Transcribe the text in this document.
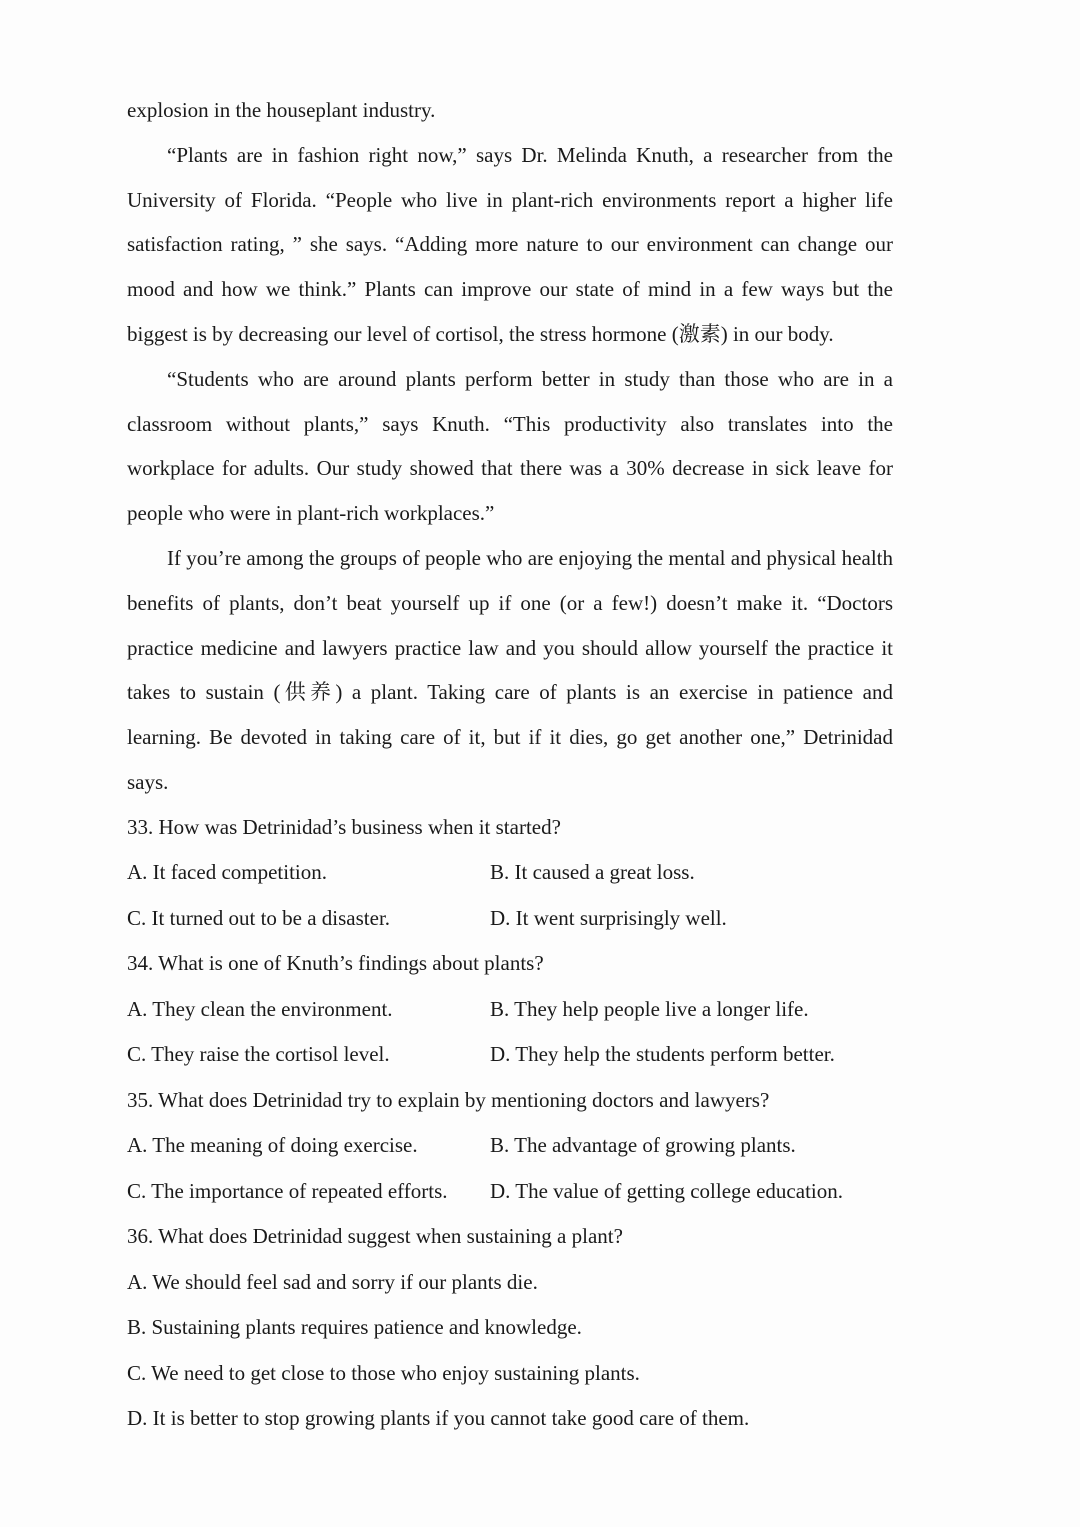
explosion in the houseplant industry.

“Plants are in fashion right now,” says Dr. Melinda Knuth, a researcher from the University of Florida. “People who live in plant-rich environments report a higher life satisfaction rating, ” she says. “Adding more nature to our environment can change our mood and how we think.” Plants can improve our state of mind in a few ways but the biggest is by decreasing our level of cortisol, the stress hormone (激素) in our body.

“Students who are around plants perform better in study than those who are in a classroom without plants,” says Knuth. “This productivity also translates into the workplace for adults. Our study showed that there was a 30% decrease in sick leave for people who were in plant-rich workplaces.”

If you’re among the groups of people who are enjoying the mental and physical health benefits of plants, don’t beat yourself up if one (or a few!) doesn’t make it. “Doctors practice medicine and lawyers practice law and you should allow yourself the practice it takes to sustain (供养) a plant. Taking care of plants is an exercise in patience and learning. Be devoted in taking care of it, but if it dies, go get another one,” Detrinidad says.

33. How was Detrinidad’s business when it started?

A. It faced competition.	B. It caused a great loss.
C. It turned out to be a disaster.	D. It went surprisingly well.

34. What is one of Knuth’s findings about plants?

A. They clean the environment.	B. They help people live a longer life.
C. They raise the cortisol level.	D. They help the students perform better.

35. What does Detrinidad try to explain by mentioning doctors and lawyers?

A. The meaning of doing exercise.	B. The advantage of growing plants.
C. The importance of repeated efforts.	D. The value of getting college education.

36. What does Detrinidad suggest when sustaining a plant?

A. We should feel sad and sorry if our plants die.
B. Sustaining plants requires patience and knowledge.
C. We need to get close to those who enjoy sustaining plants.
D. It is better to stop growing plants if you cannot take good care of them.
